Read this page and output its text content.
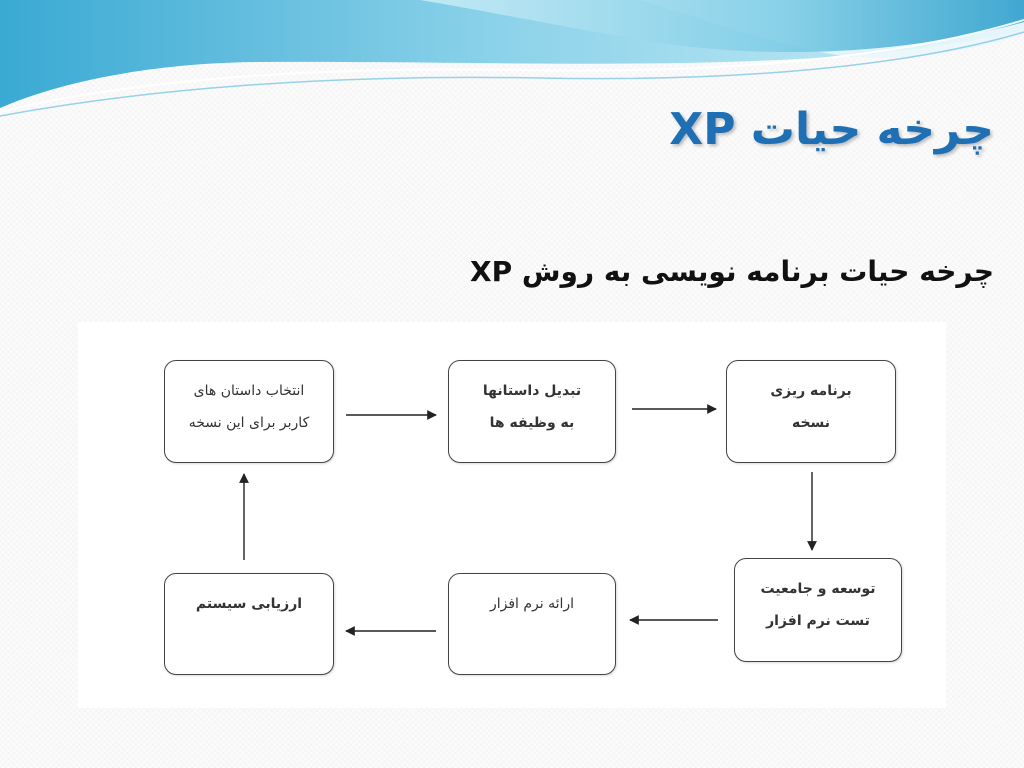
چرخه حیات XP
چرخه حیات برنامه نویسی به روش XP
انتخاب داستان های
کاربر برای این نسخه
تبدیل داستانها
به وظیفه ها
برنامه ریزی
نسخه
توسعه و جامعیت
تست نرم افزار
ارائه نرم افزار
ارزیابی سیستم
